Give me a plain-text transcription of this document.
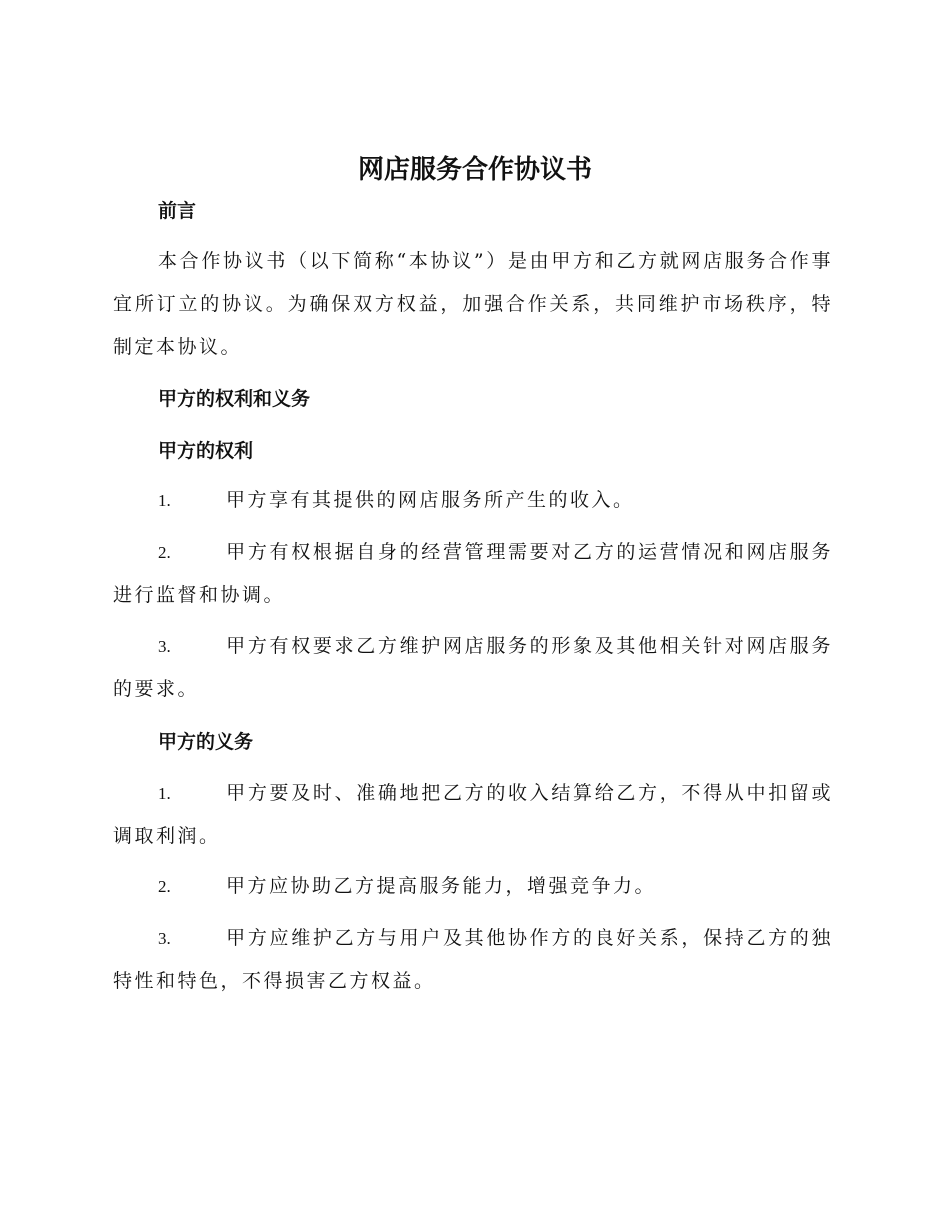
网店服务合作协议书
前言

本合作协议书（以下简称“本协议”）是由甲方和乙方就网店服务合作事宜所订立的协议。为确保双方权益，加强合作关系，共同维护市场秩序，特制定本协议。

甲方的权利和义务
甲方的权利

1.	甲方享有其提供的网店服务所产生的收入。

2.	甲方有权根据自身的经营管理需要对乙方的运营情况和网店服务进行监督和协调。

3.	甲方有权要求乙方维护网店服务的形象及其他相关针对网店服务的要求。

甲方的义务

1.	甲方要及时、准确地把乙方的收入结算给乙方，不得从中扣留或调取利润。

2.	甲方应协助乙方提高服务能力，增强竞争力。

3.	甲方应维护乙方与用户及其他协作方的良好关系，保持乙方的独特性和特色，不得损害乙方权益。
